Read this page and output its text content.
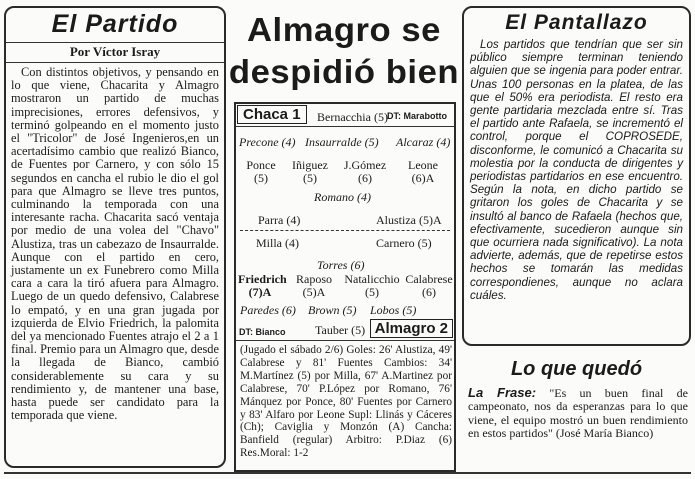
El Partido
Por Víctor Isray

Con distintos objetivos, y pensando en lo que viene, Chacarita y Almagro mostraron un partido de muchas imprecisiones, errores defensivos, y terminó golpeando en el momento justo el "Tricolor" de José Ingenieros,en un acertadísimo cambio que realizó Bianco, de Fuentes por Carnero, y con sólo 15 segundos en cancha el rubio le dio el gol para que Almagro se lleve tres puntos, culminando la temporada con una interesante racha. Chacarita sacó ventaja por medio de una volea del "Chavo" Alustiza, tras un cabezazo de Insaurralde. Aunque con el partido en cero, justamente un ex Funebrero como Milla cara a cara la tiró afuera para Almagro. Luego de un quedo defensivo, Calabrese lo empató, y en una gran jugada por izquierda de Elvio Friedrich, la palomita del ya mencionado Fuentes atrajo el 2 a 1 final. Premio para un Almagro que, desde la llegada de Bianco, cambió considerablemente su cara y su rendimiento y, de mantener una base, hasta puede ser candidato para la temporada que viene.

Almagro se
despidió bien
Chaca 1	Bernacchia (5) DT: Marabotto
Precone (4) Insaurralde (5) Alcaraz (4)
Ponce (5)
Iñiguez (5)
J.Gómez (6)
Leone (6)A
Romano (4)
Parra (4)	Alustiza (5)A
Milla (4)	Carnero (5)
Torres (6)
Friedrich (7)A
Raposo (5)A
Natalicchio (5)
Calabrese (6)
Paredes (6) Brown (5) Lobos (5)
DT: Bianco Tauber (5) Almagro 2

(Jugado el sábado 2/6) Goles: 26' Alustiza, 49' Calabrese y 81' Fuentes Cambios: 34' M.Martínez (5) por Milla, 67' A.Martinez por Calabrese, 70' P.López por Romano, 76' Mánquez por Ponce, 80' Fuentes por Carnero y 83' Alfaro por Leone Supl: Llinás y Cáceres (Ch); Caviglia y Monzón (A) Cancha: Banfield (regular) Arbitro: P.Diaz (6) Res.Moral: 1-2

El Pantallazo

Los partidos que tendrían que ser sin público siempre terminan teniendo alguien que se ingenia para poder entrar. Unas 100 personas en la platea, de las que el 50% era periodista. El resto era gente partidaria mezclada entre sí. Tras el partido ante Rafaela, se incrementó el control, porque el COPROSEDE, disconforme, le comunicó a Chacarita su molestia por la conducta de dirigentes y periodistas partidarios en ese encuentro. Según la nota, en dicho partido se gritaron los goles de Chacarita y se insultó al banco de Rafaela (hechos que, efectivamente, sucedieron aunque sin que ocurriera nada significativo). La nota advierte, además, que de repetirse estos hechos se tomarán las medidas correspondienes, aunque no aclara cuáles.

Lo que quedó

La Frase: "Es un buen final de campeonato, nos da esperanzas para lo que viene, el equipo mostró un buen rendimiento en estos partidos" (José María Bianco)
